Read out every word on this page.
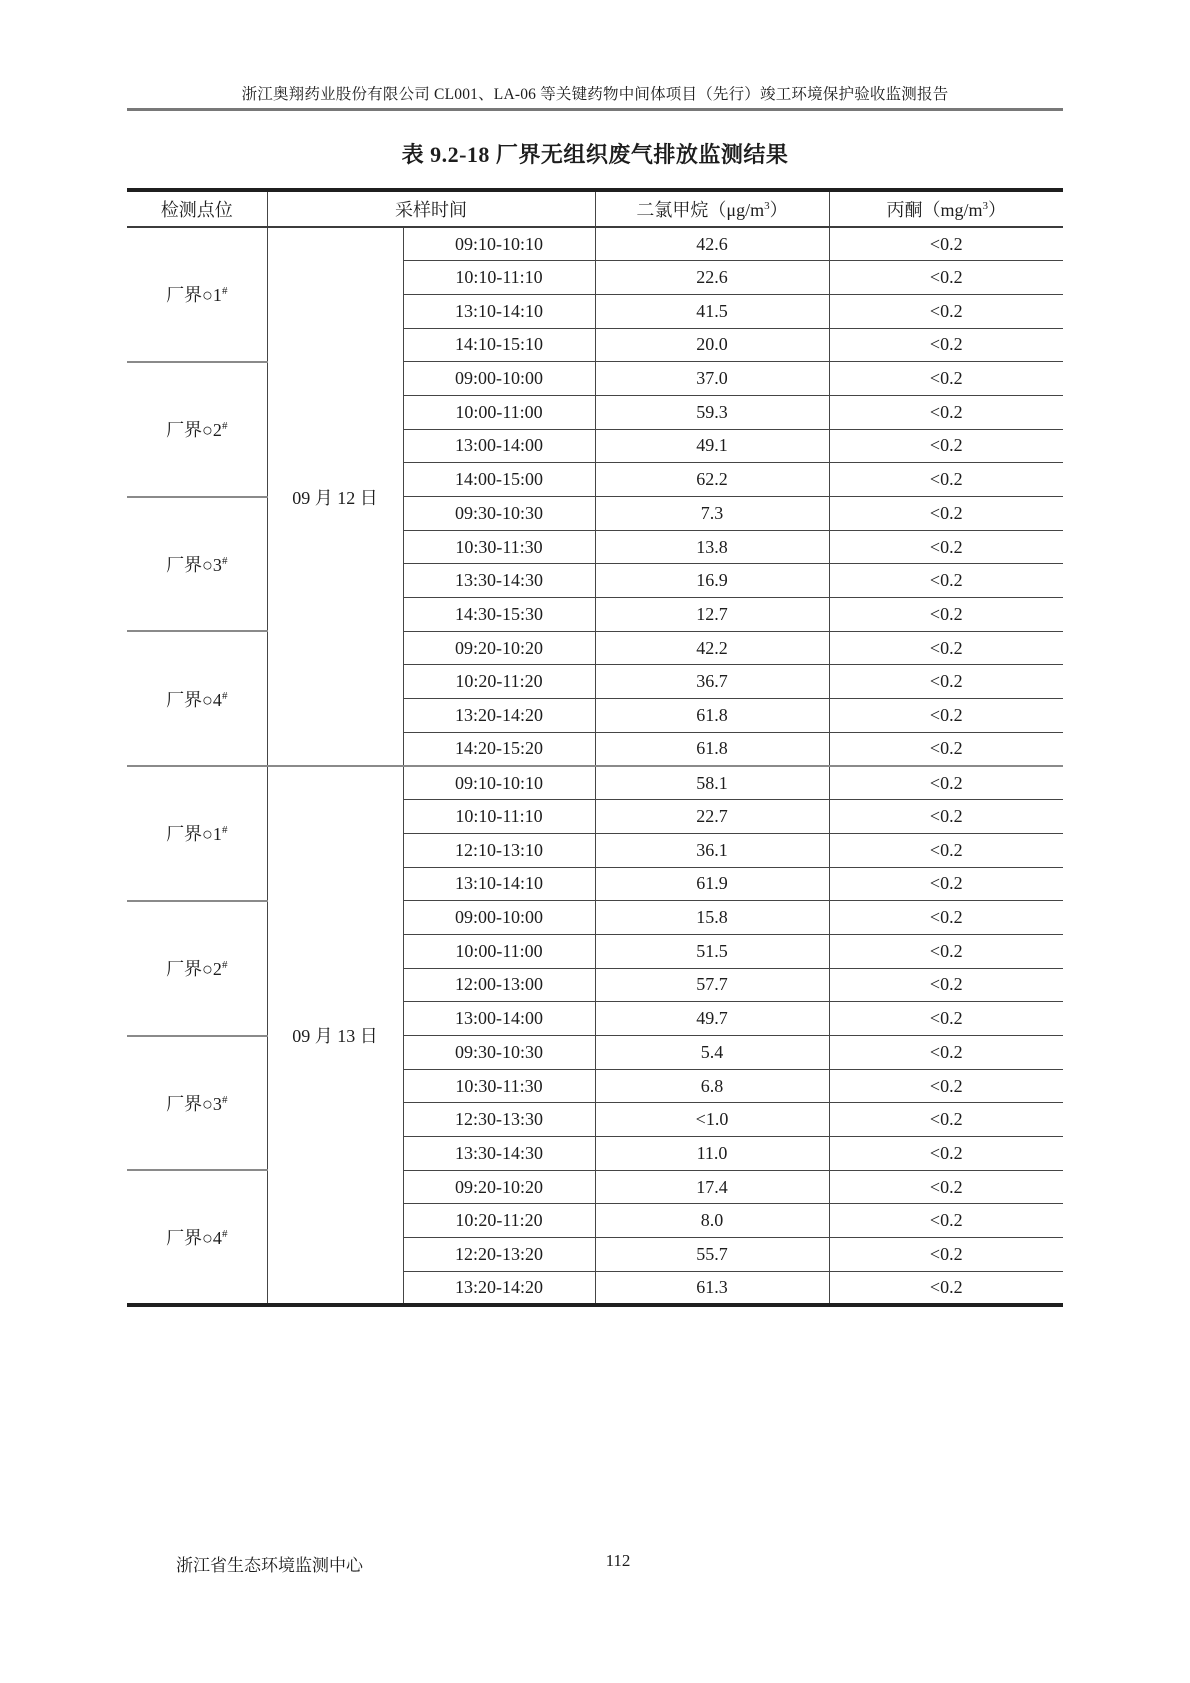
浙江奥翔药业股份有限公司 CL001、LA-06 等关键药物中间体项目（先行）竣工环境保护验收监测报告
表 9.2-18 厂界无组织废气排放监测结果
检测点位	采样时间		二氯甲烷$(\mu g/m^3)$	丙酮$(mg/m^3)$
厂界○1#	09 月 12 日	09:10-10:10	42.6	<0.2
		10:10-11:10	22.6	<0.2
		13:10-14:10	41.5	<0.2
		14:10-15:10	20.0	<0.2
厂界○2#		09:00-10:00	37.0	<0.2
		10:00-11:00	59.3	<0.2
		13:00-14:00	49.1	<0.2
		14:00-15:00	62.2	<0.2
厂界○3#		09:30-10:30	7.3	<0.2
		10:30-11:30	13.8	<0.2
		13:30-14:30	16.9	<0.2
		14:30-15:30	12.7	<0.2
厂界○4#		09:20-10:20	42.2	<0.2
		10:20-11:20	36.7	<0.2
		13:20-14:20	61.8	<0.2
		14:20-15:20	61.8	<0.2
厂界○1#	09 月 13 日	09:10-10:10	58.1	<0.2
		10:10-11:10	22.7	<0.2
		12:10-13:10	36.1	<0.2
		13:10-14:10	61.9	<0.2
厂界○2#		09:00-10:00	15.8	<0.2
		10:00-11:00	51.5	<0.2
		12:00-13:00	57.7	<0.2
		13:00-14:00	49.7	<0.2
厂界○3#		09:30-10:30	5.4	<0.2
		10:30-11:30	6.8	<0.2
		12:30-13:30	<1.0	<0.2
		13:30-14:30	11.0	<0.2
厂界○4#		09:20-10:20	17.4	<0.2
		10:20-11:20	8.0	<0.2
		12:20-13:20	55.7	<0.2
		13:20-14:20	61.3	<0.2
浙江省生态环境监测中心	112
